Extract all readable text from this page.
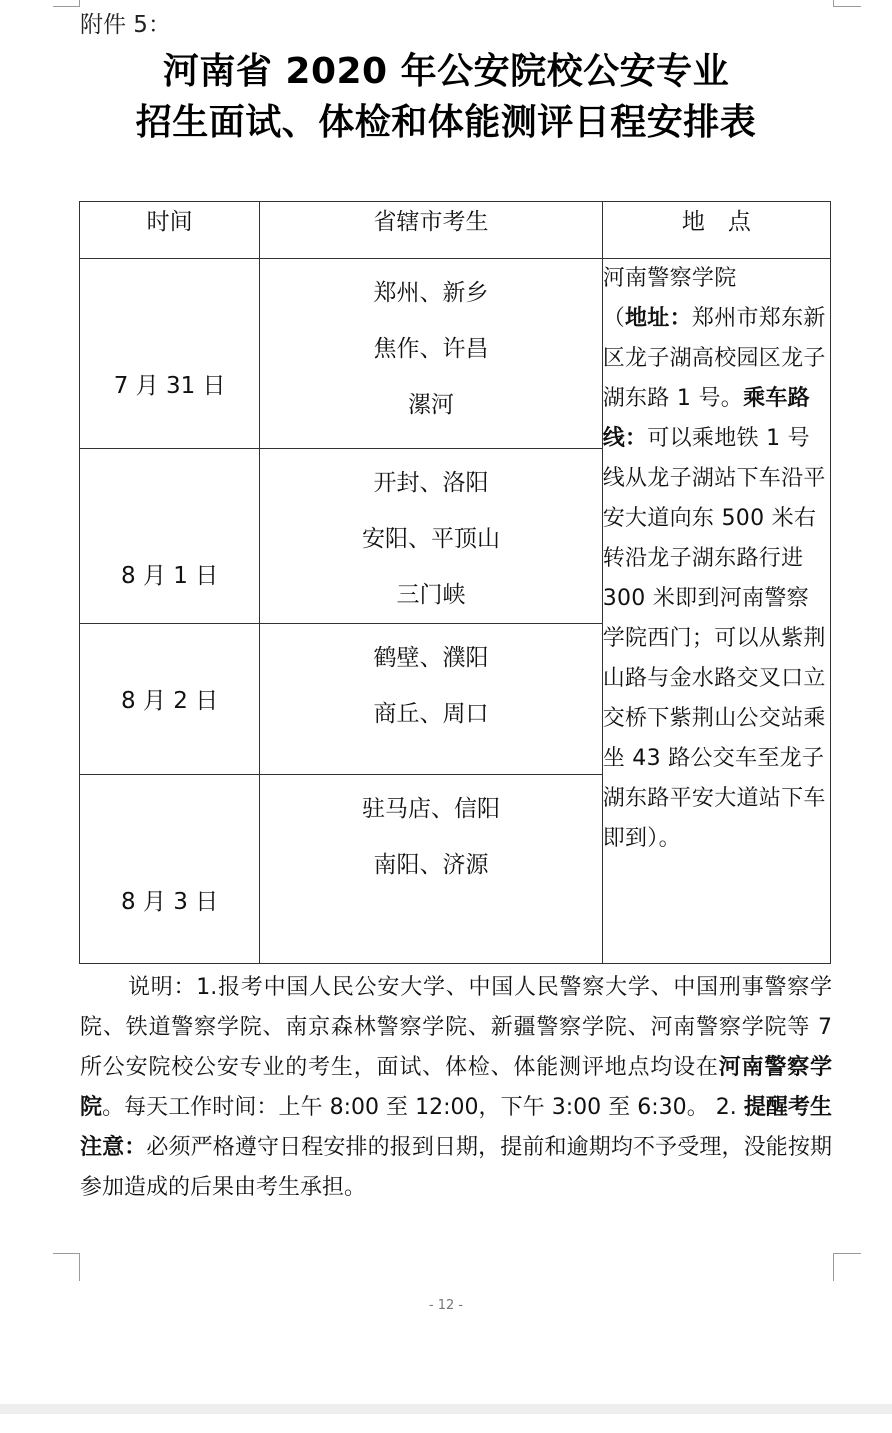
附件 5：
河南省 2020 年公安院校公安专业
招生面试、体检和体能测评日程安排表
时间	省辖市考生	地　点

7 月 31 日	郑州、新乡
焦作、许昌
漯河	河南警察学院
（地址：郑州市郑东新区龙子湖高校园区龙子湖东路 1 号。乘车路线：可以乘地铁 1 号线从龙子湖站下车沿平安大道向东 500 米右转沿龙子湖东路行进 300 米即到河南警察学院西门；可以从紫荆山路与金水路交叉口立交桥下紫荆山公交站乘坐 43 路公交车至龙子湖东路平安大道站下车即到）。

8 月 1 日	开封、洛阳
安阳、平顶山
三门峡	

8 月 2 日	鹤壁、濮阳
商丘、周口	

8 月 3 日	驻马店、信阳
南阳、济源	

说明：1.报考中国人民公安大学、中国人民警察大学、中国刑事警察学院、铁道警察学院、南京森林警察学院、新疆警察学院、河南警察学院等 7 所公安院校公安专业的考生，面试、体检、体能测评地点均设在河南警察学院。每天工作时间：上午 8:00 至 12:00，下午 3:00 至 6:30。 2. 提醒考生注意：必须严格遵守日程安排的报到日期，提前和逾期均不予受理，没能按期参加造成的后果由考生承担。

- 12 -
